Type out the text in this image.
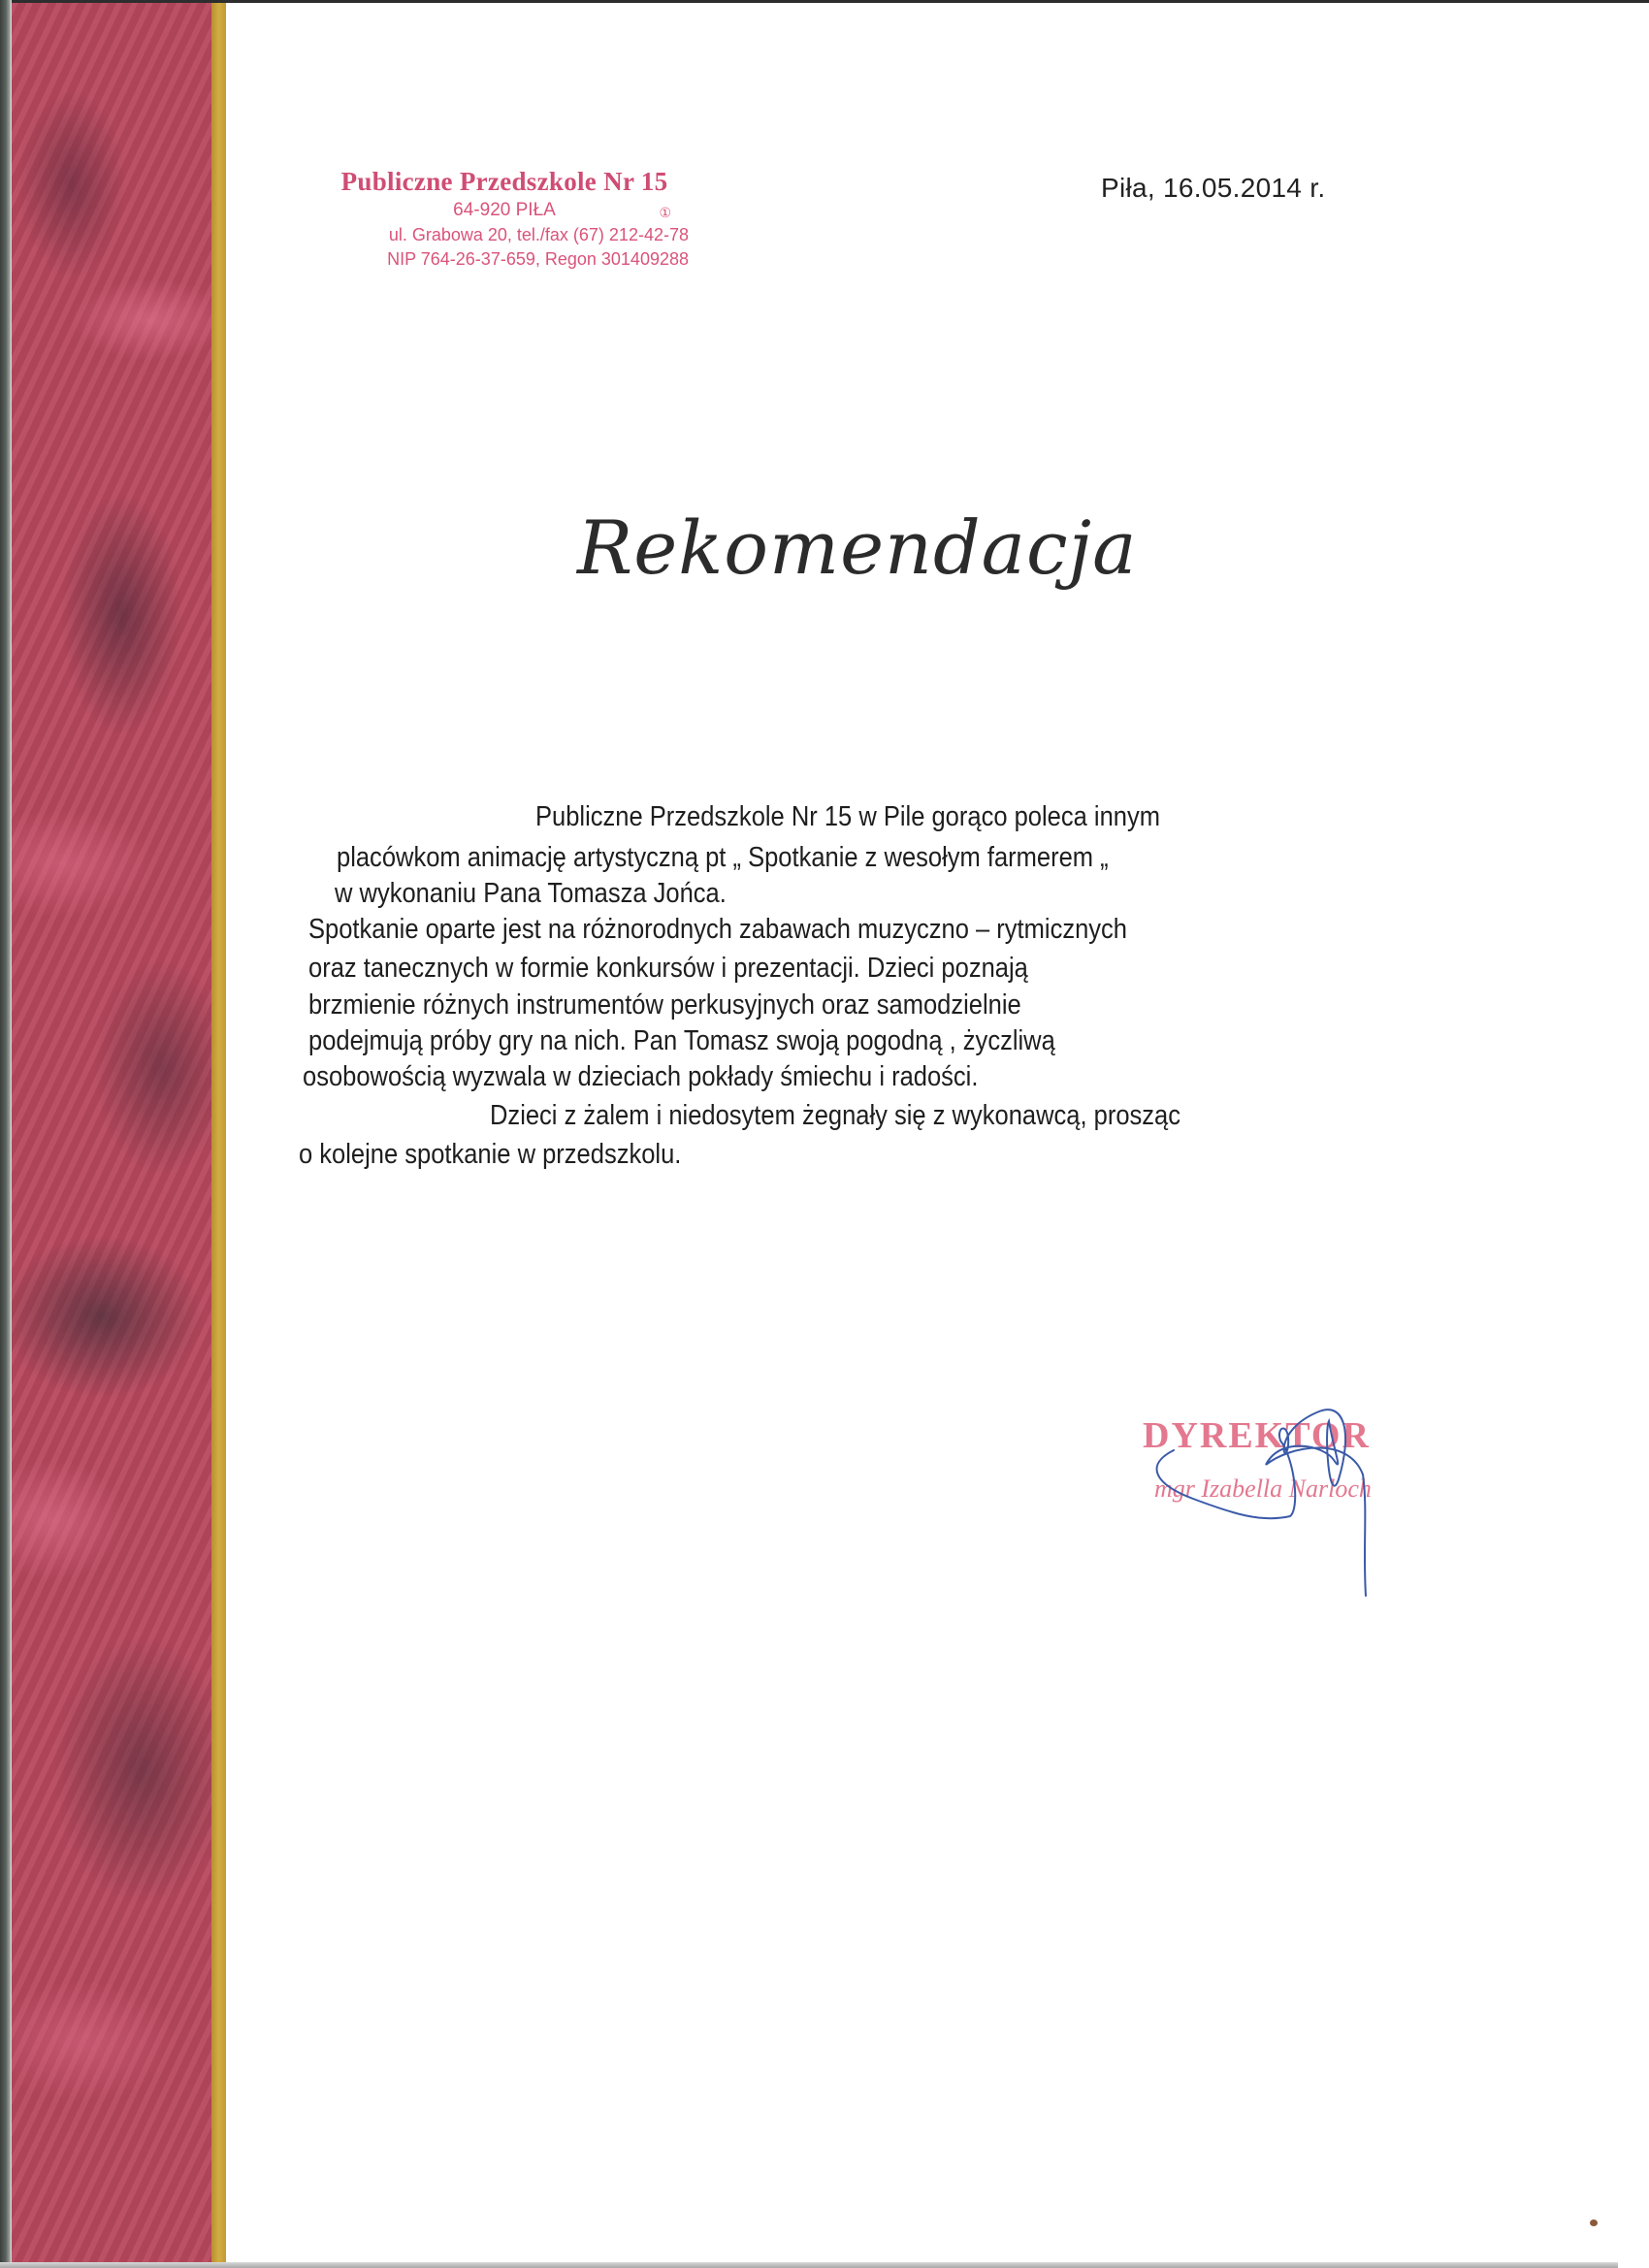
Publiczne Przedszkole Nr 15
64-920 PIŁA	①
ul. Grabowa 20, tel./fax (67) 212-42-78
NIP 764-26-37-659, Regon 301409288
Piła, 16.05.2014 r.
Rekomendacja
Publiczne Przedszkole Nr 15 w Pile gorąco poleca innym
placówkom animację artystyczną pt „ Spotkanie z wesołym farmerem „
w wykonaniu Pana Tomasza Jońca.
Spotkanie oparte jest na różnorodnych zabawach muzyczno – rytmicznych
oraz tanecznych w formie konkursów i prezentacji. Dzieci poznają
brzmienie różnych instrumentów perkusyjnych oraz samodzielnie
podejmują próby gry na nich. Pan Tomasz swoją pogodną , życzliwą
osobowością wyzwala w dzieciach pokłady śmiechu i radości.
Dzieci z żalem i niedosytem żegnały się z wykonawcą, prosząc
o kolejne spotkanie w przedszkolu.
DYREKTOR
mgr Izabella Narloch
